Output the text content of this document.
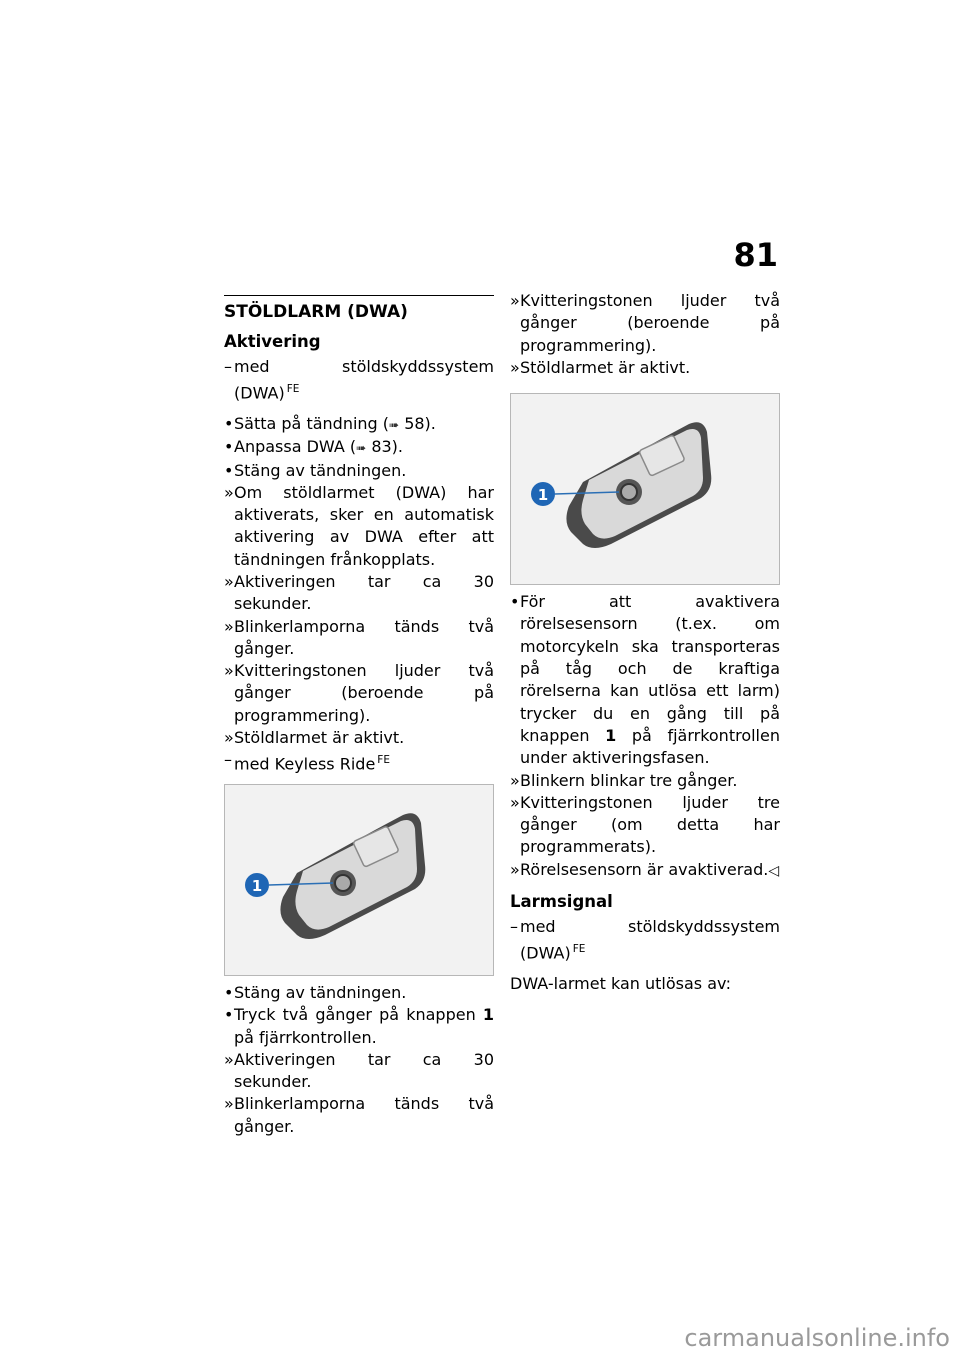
81
STÖLDLARM (DWA)
Aktivering
– med stöldskyddssystem (DWA) $^{FE}$
• Sätta på tändning (➠ 58).
• Anpassa DWA (➠ 83).
• Stäng av tändningen.
» Om stöldlarmet (DWA) har aktiverats, sker en automatisk aktivering av DWA efter att tändningen frånkopplats.
» Aktiveringen tar ca 30 sekunder.
» Blinkerlamporna tänds två gånger.
» Kvitteringstonen ljuder två gånger (beroende på programmering).
» Stöldlarmet är aktivt.
– med Keyless Ride $^{FE}$
1
• Stäng av tändningen.
• Tryck två gånger på knappen 1 på fjärrkontrollen.
» Aktiveringen tar ca 30 sekunder.
» Blinkerlamporna tänds två gånger.
» Kvitteringstonen ljuder två gånger (beroende på programmering).
» Stöldlarmet är aktivt.
1
• För att avaktivera rörelsesensorn (t.ex. om motorcykeln ska transporteras på tåg och de kraftiga rörelserna kan utlösa ett larm) trycker du en gång till på knappen 1 på fjärrkontrollen under aktiveringsfasen.
» Blinkern blinkar tre gånger.
» Kvitteringstonen ljuder tre gånger (om detta har programmerats).
» Rörelsesensorn är avaktiverad.◁
Larmsignal
– med stöldskyddssystem (DWA) $^{FE}$
DWA-larmet kan utlösas av:
carmanualsonline.info
